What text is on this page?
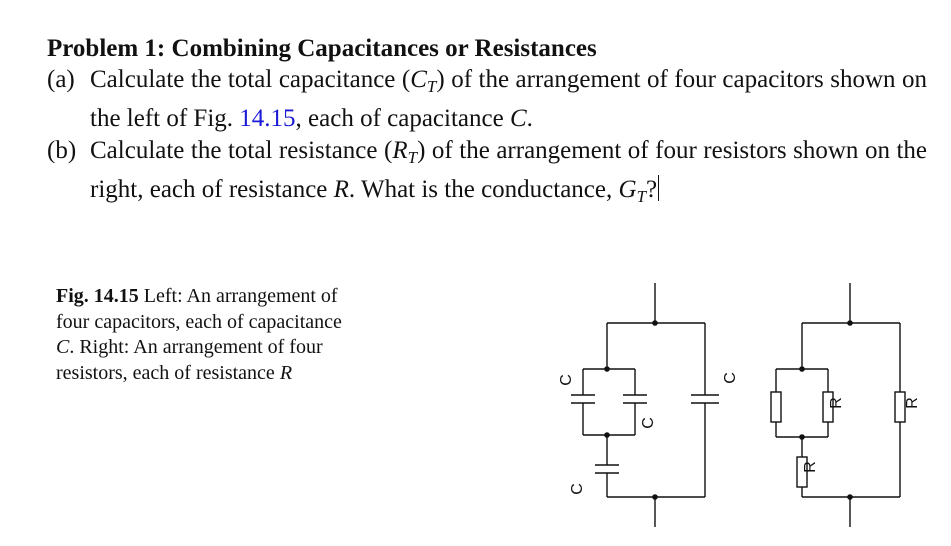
Problem 1: Combining Capacitances or Resistances
(a) Calculate the total capacitance $(C_T)$ of the arrangement of four capacitors shown on the left of Fig. 14.15, each of capacitance C.
(b) Calculate the total resistance $(R_T)$ of the arrangement of four resistors shown on the right, each of resistance R. What is the conductance, $G_T$?
Fig. 14.15 Left: An arrangement of four capacitors, each of capacitance C. Right: An arrangement of four resistors, each of resistance R	C
C
C
C
R
R
R
